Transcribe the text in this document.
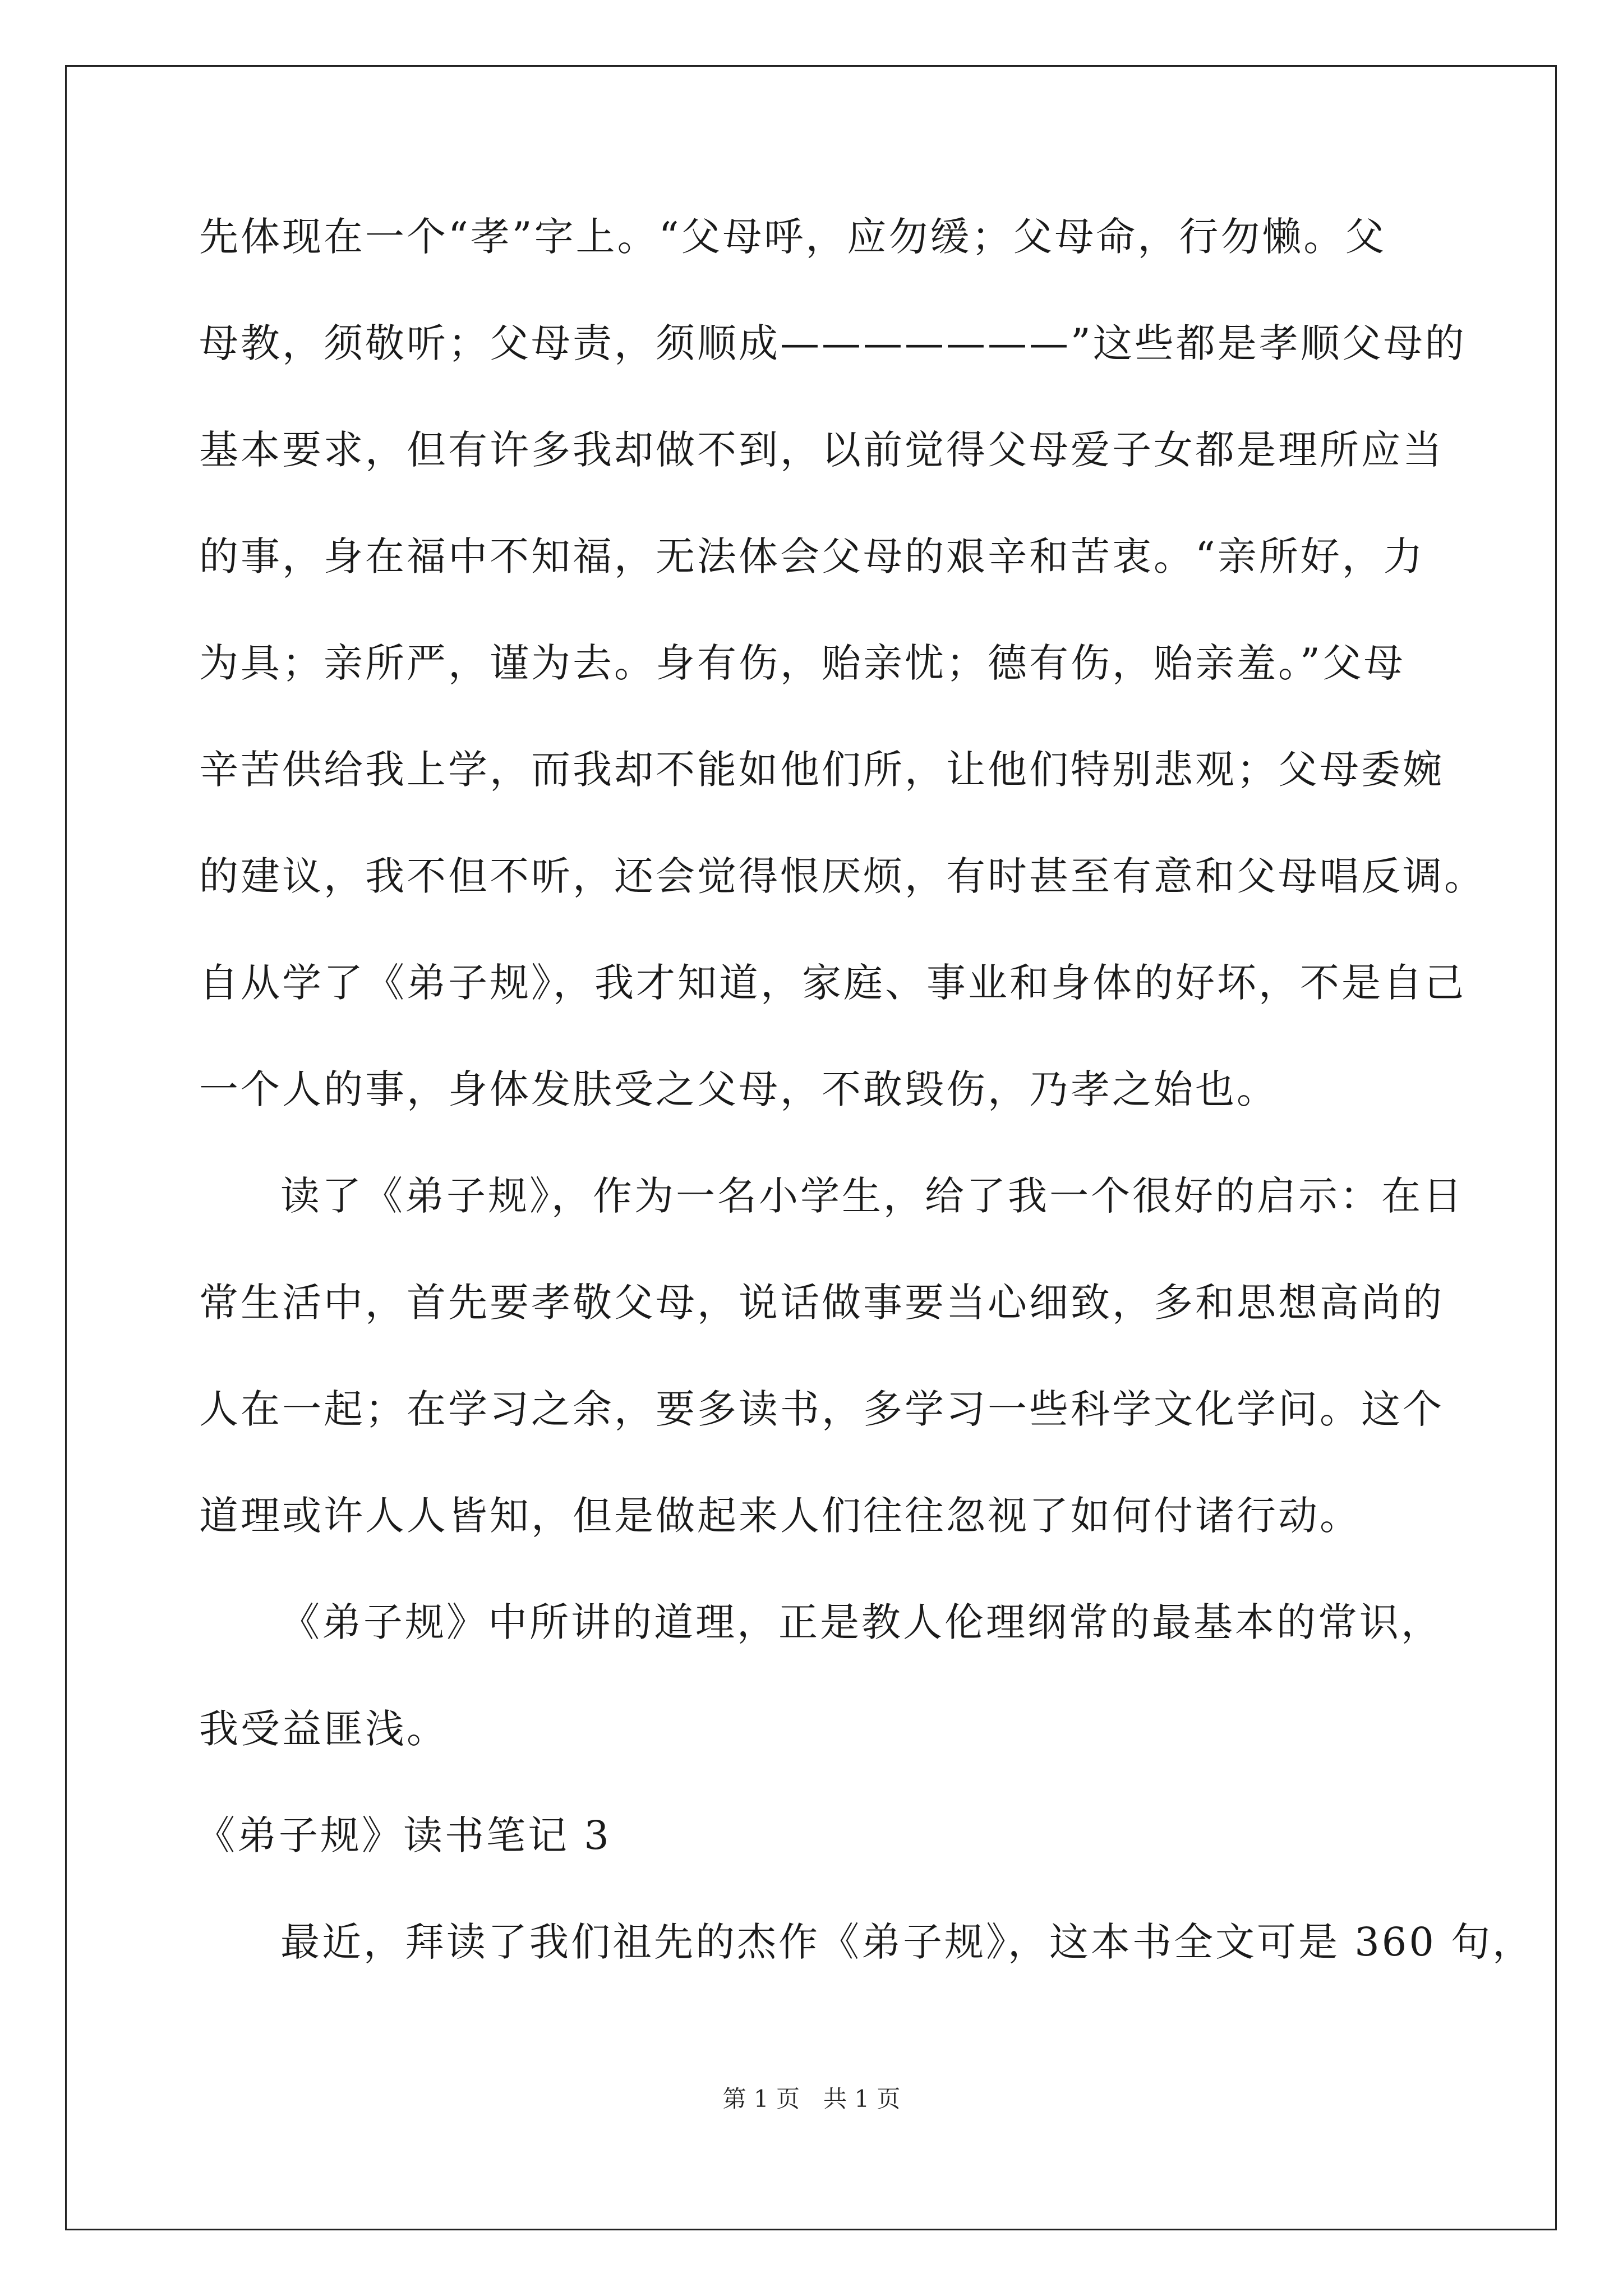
先体现在一个“孝”字上。“父母呼，应勿缓；父母命，行勿懒。父
母教，须敬听；父母责，须顺成———————”这些都是孝顺父母的
基本要求，但有许多我却做不到，以前觉得父母爱子女都是理所应当
的事，身在福中不知福，无法体会父母的艰辛和苦衷。“亲所好，力
为具；亲所严，谨为去。身有伤，贻亲忧；德有伤，贻亲羞。”父母
辛苦供给我上学，而我却不能如他们所，让他们特别悲观；父母委婉
的建议，我不但不听，还会觉得恨厌烦，有时甚至有意和父母唱反调。
自从学了《弟子规》，我才知道，家庭、事业和身体的好坏，不是自己
一个人的事，身体发肤受之父母，不敢毁伤，乃孝之始也。
读了《弟子规》，作为一名小学生，给了我一个很好的启示：在日
常生活中，首先要孝敬父母，说话做事要当心细致，多和思想高尚的
人在一起；在学习之余，要多读书，多学习一些科学文化学问。这个
道理或许人人皆知，但是做起来人们往往忽视了如何付诸行动。
《弟子规》中所讲的道理，正是教人伦理纲常的最基本的常识，
我受益匪浅。
《弟子规》读书笔记 3
最近，拜读了我们祖先的杰作《弟子规》，这本书全文可是 360 句，
第 1 页　共 1 页
